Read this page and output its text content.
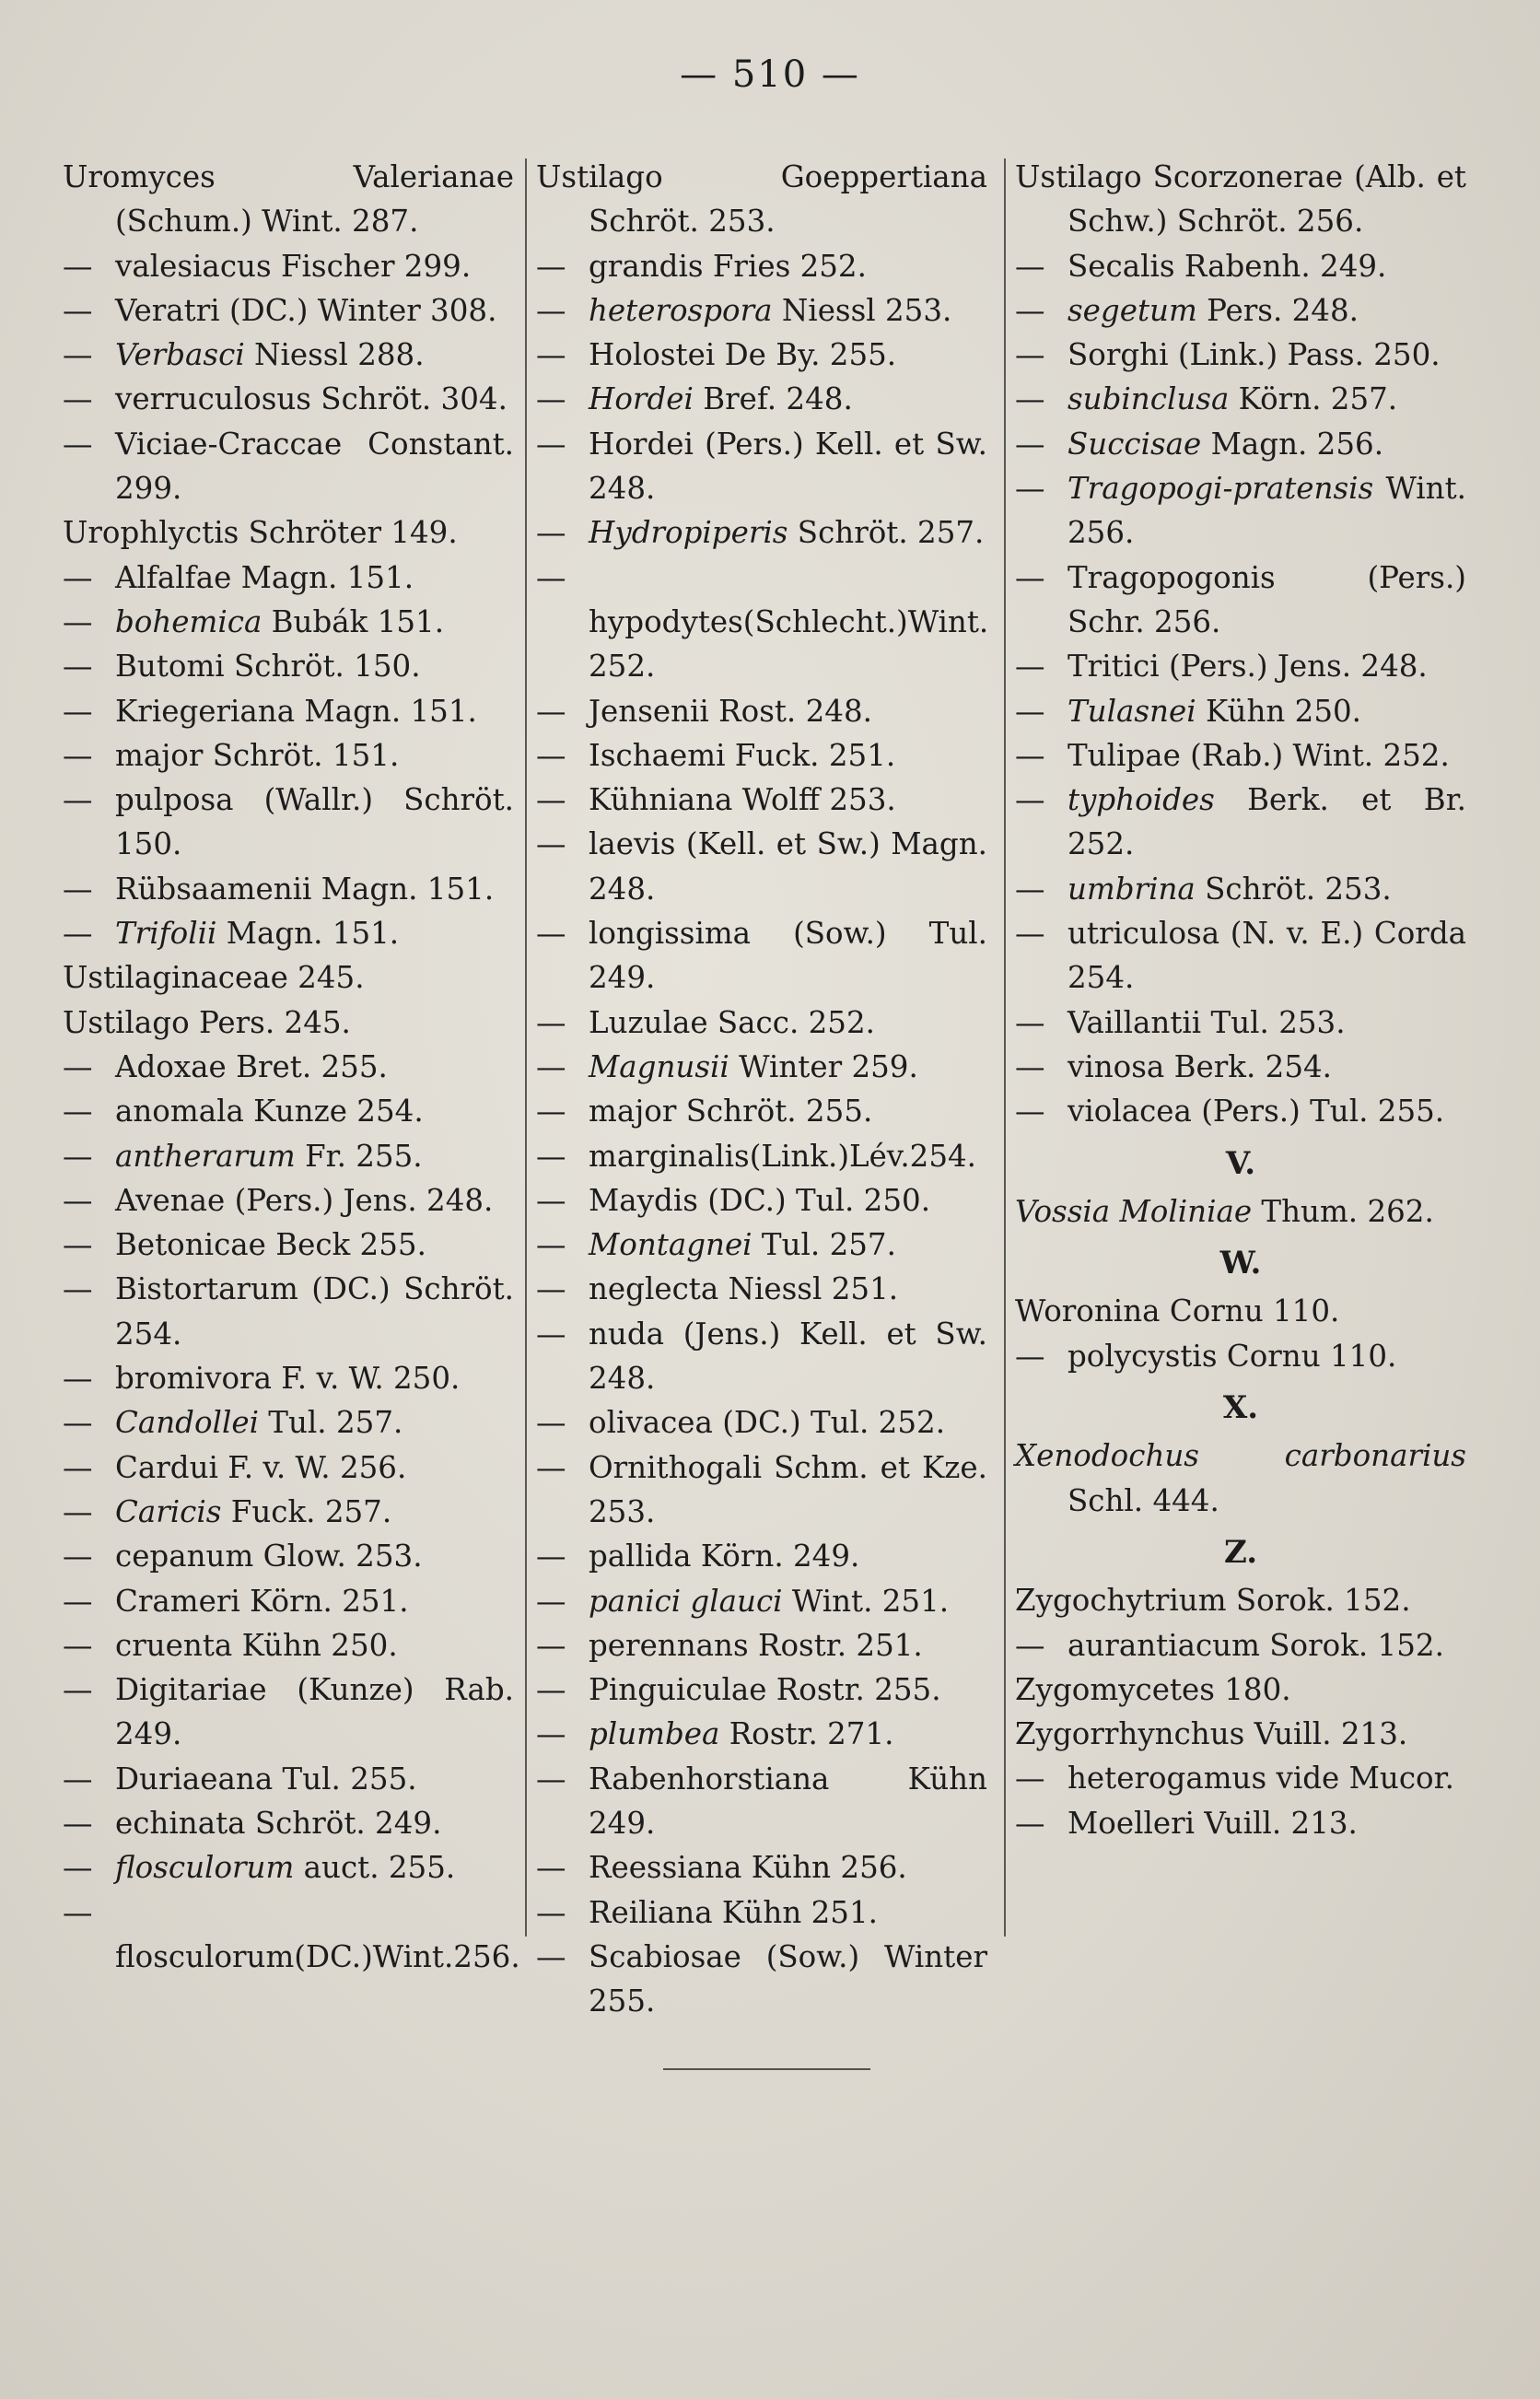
— 510 —
Uromyces Valerianae (Schum.) Wint. 287.
— valesiacus Fischer 299.
— Veratri (DC.) Winter 308.
— Verbasci Niessl 288.
— verruculosus Schröt. 304.
— Viciae-Craccae Constant. 299.
Urophlyctis Schröter 149.
— Alfalfae Magn. 151.
— bohemica Bubák 151.
— Butomi Schröt. 150.
— Kriegeriana Magn. 151.
— major Schröt. 151.
— pulposa (Wallr.) Schröt. 150.
— Rübsaamenii Magn. 151.
— Trifolii Magn. 151.
Ustilaginaceae 245.
Ustilago Pers. 245.
— Adoxae Bret. 255.
— anomala Kunze 254.
— antherarum Fr. 255.
— Avenae (Pers.) Jens. 248.
— Betonicae Beck 255.
— Bistortarum (DC.) Schröt. 254.
— bromivora F. v. W. 250.
— Candollei Tul. 257.
— Cardui F. v. W. 256.
— Caricis Fuck. 257.
— cepanum Glow. 253.
— Crameri Körn. 251.
— cruenta Kühn 250.
— Digitariae (Kunze) Rab. 249.
— Duriaeana Tul. 255.
— echinata Schröt. 249.
— flosculorum auct. 255.
—flosculorum(DC.)Wint.256.
Ustilago Goeppertiana Schröt. 253.
— grandis Fries 252.
— heterospora Niessl 253.
— Holostei De By. 255.
— Hordei Bref. 248.
— Hordei (Pers.) Kell. et Sw. 248.
— Hydropiperis Schröt. 257.
—hypodytes(Schlecht.)Wint. 252.
— Jensenii Rost. 248.
— Ischaemi Fuck. 251.
— Kühniana Wolff 253.
— laevis (Kell. et Sw.) Magn. 248.
— longissima (Sow.) Tul. 249.
— Luzulae Sacc. 252.
— Magnusii Winter 259.
— major Schröt. 255.
— marginalis(Link.)Lév.254.
— Maydis (DC.) Tul. 250.
— Montagnei Tul. 257.
— neglecta Niessl 251.
— nuda (Jens.) Kell. et Sw. 248.
— olivacea (DC.) Tul. 252.
— Ornithogali Schm. et Kze. 253.
— pallida Körn. 249.
— panici glauci Wint. 251.
— perennans Rostr. 251.
— Pinguiculae Rostr. 255.
— plumbea Rostr. 271.
— Rabenhorstiana Kühn 249.
— Reessiana Kühn 256.
— Reiliana Kühn 251.
— Scabiosae (Sow.) Winter 255.
Ustilago Scorzonerae (Alb. et Schw.) Schröt. 256.
— Secalis Rabenh. 249.
— segetum Pers. 248.
— Sorghi (Link.) Pass. 250.
— subinclusa Körn. 257.
— Succisae Magn. 256.
— Tragopogi-pratensis Wint. 256.
— Tragopogonis (Pers.) Schr. 256.
— Tritici (Pers.) Jens. 248.
— Tulasnei Kühn 250.
— Tulipae (Rab.) Wint. 252.
— typhoides Berk. et Br. 252.
— umbrina Schröt. 253.
— utriculosa (N. v. E.) Corda 254.
— Vaillantii Tul. 253.
— vinosa Berk. 254.
— violacea (Pers.) Tul. 255.
V.
Vossia Moliniae Thum. 262.
W.
Woronina Cornu 110.
— polycystis Cornu 110.
X.
Xenodochus carbonarius Schl. 444.
Z.
Zygochytrium Sorok. 152.
— aurantiacum Sorok. 152.
Zygomycetes 180.
Zygorrhynchus Vuill. 213.
— heterogamus vide Mucor.
— Moelleri Vuill. 213.
